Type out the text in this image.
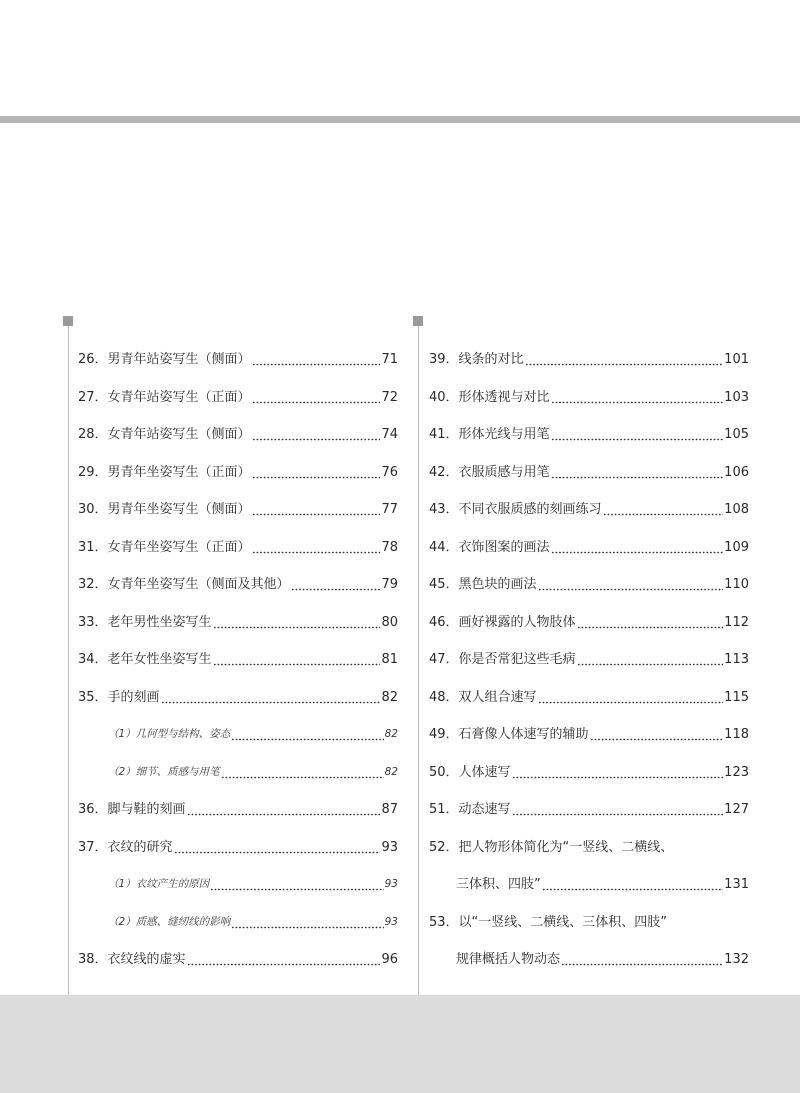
26． 男青年站姿写生（侧面）	71
27． 女青年站姿写生（正面）	72
28． 女青年站姿写生（侧面）	74
29． 男青年坐姿写生（正面）	76
30． 男青年坐姿写生（侧面）	77
31． 女青年坐姿写生（正面）	78
32． 女青年坐姿写生（侧面及其他）	79
33． 老年男性坐姿写生	80
34． 老年女性坐姿写生	81
35． 手的刻画	82
（1）几何型与结构、姿态	82
（2）细节、质感与用笔	82
36． 脚与鞋的刻画	87
37． 衣纹的研究	93
（1）衣纹产生的原因	93
（2）质感、缝纫线的影响	93
38． 衣纹线的虚实	96
39． 线条的对比	101
40． 形体透视与对比	103
41． 形体光线与用笔	105
42． 衣服质感与用笔	106
43． 不同衣服质感的刻画练习	108
44． 衣饰图案的画法	109
45． 黑色块的画法	110
46． 画好裸露的人物肢体	112
47． 你是否常犯这些毛病	113
48． 双人组合速写	115
49． 石膏像人体速写的辅助	118
50． 人体速写	123
51． 动态速写	127
52． 把人物形体简化为“一竖线、二横线、
三体积、四肢”	131
53． 以“一竖线、二横线、三体积、四肢”
规律概括人物动态	132
